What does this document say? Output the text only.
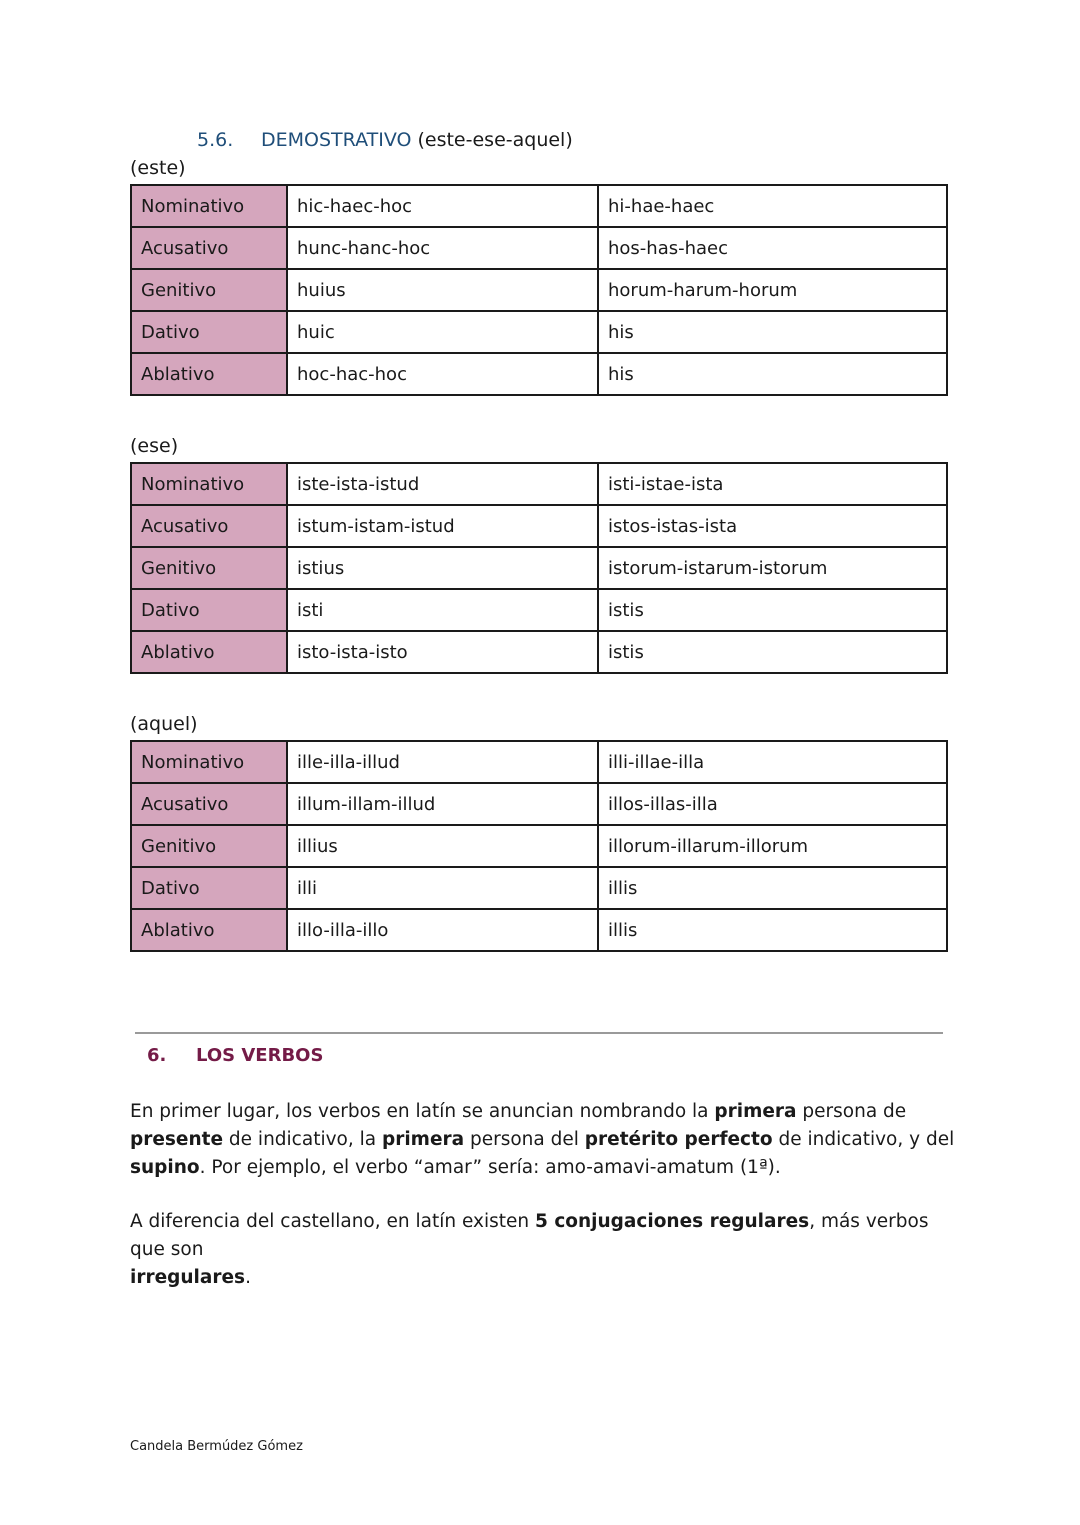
5.6. DEMOSTRATIVO (este-ese-aquel)
(este)
Nominativo	hic-haec-hoc	hi-hae-haec
Acusativo	hunc-hanc-hoc	hos-has-haec
Genitivo	huius	horum-harum-horum
Dativo	huic	his
Ablativo	hoc-hac-hoc	his
(ese)
Nominativo	iste-ista-istud	isti-istae-ista
Acusativo	istum-istam-istud	istos-istas-ista
Genitivo	istius	istorum-istarum-istorum
Dativo	isti	istis
Ablativo	isto-ista-isto	istis
(aquel)
Nominativo	ille-illa-illud	illi-illae-illa
Acusativo	illum-illam-illud	illos-illas-illa
Genitivo	illius	illorum-illarum-illorum
Dativo	illi	illis
Ablativo	illo-illa-illo	illis
6. LOS VERBOS
En primer lugar, los verbos en latín se anuncian nombrando la primera persona de
presente de indicativo, la primera persona del pretérito perfecto de indicativo, y del
supino. Por ejemplo, el verbo “amar” sería: amo-amavi-amatum (1ª).
A diferencia del castellano, en latín existen 5 conjugaciones regulares, más verbos que son
irregulares.
Candela Bermúdez Gómez
